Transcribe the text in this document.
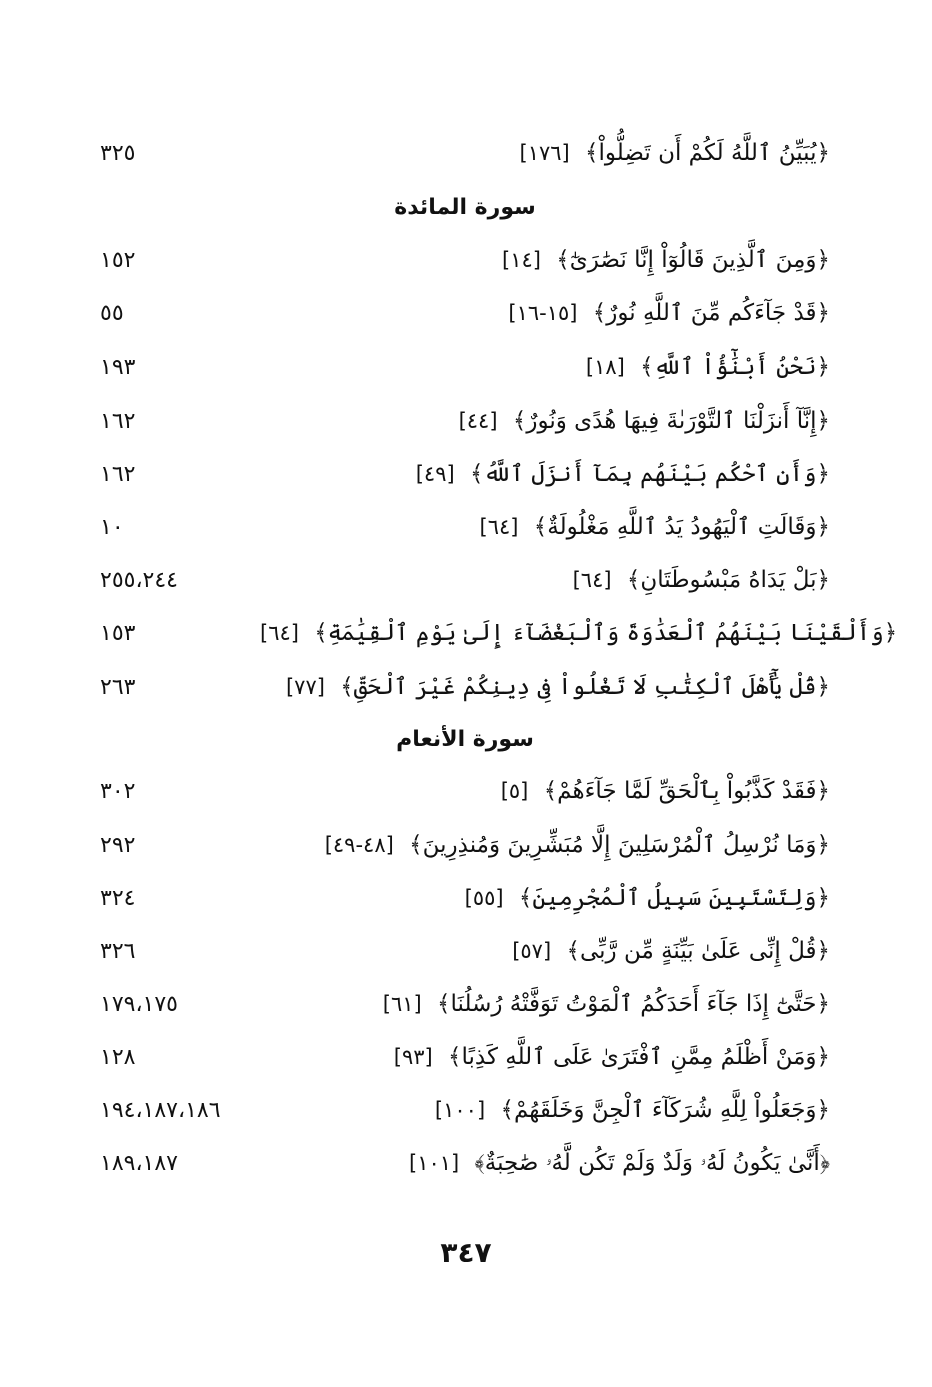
٣٢٥	﴿يُبَيِّنُ ٱللَّهُ لَكُمْ أَن تَضِلُّواْ﴾ [١٧٦]
سورة المائدة
١٥٢	﴿وَمِنَ ٱلَّذِينَ قَالُوٓاْ إِنَّا نَصَٰرَىٰٓ﴾ [١٤]
٥٥	﴿قَدْ جَآءَكُم مِّنَ ٱللَّهِ نُورٌ﴾ [١٥-١٦]
١٩٣	﴿نَحْنُ أَبْنَٰٓؤُاْ ٱللَّهِ﴾ [١٨]
١٦٢	﴿إِنَّآ أَنزَلْنَا ٱلتَّوْرَىٰةَ فِيهَا هُدًى وَنُورٌ﴾ [٤٤]
١٦٢	﴿وَأَنِ ٱحْكُم بَيْنَهُم بِمَآ أَنزَلَ ٱللَّهُ﴾ [٤٩]
١٠	﴿وَقَالَتِ ٱلْيَهُودُ يَدُ ٱللَّهِ مَغْلُولَةٌ﴾ [٦٤]
٢٥٥،٢٤٤	﴿بَلْ يَدَاهُ مَبْسُوطَتَانِ﴾ [٦٤]
١٥٣	﴿وَأَلْقَيْنَا بَيْنَهُمُ ٱلْعَدَٰوَةَ وَٱلْبَغْضَآءَ إِلَىٰ يَوْمِ ٱلْقِيَٰمَةِ﴾ [٦٤]
٢٦٣	﴿قُلْ يَٰٓأَهْلَ ٱلْكِتَٰبِ لَا تَغْلُواْ فِى دِينِكُمْ غَيْرَ ٱلْحَقِّ﴾ [٧٧]
سورة الأنعام
٣٠٢	﴿فَقَدْ كَذَّبُواْ بِٱلْحَقِّ لَمَّا جَآءَهُمْ﴾ [٥]
٢٩٢	﴿وَمَا نُرْسِلُ ٱلْمُرْسَلِينَ إِلَّا مُبَشِّرِينَ وَمُنذِرِينَ﴾ [٤٨-٤٩]
٣٢٤	﴿وَلِتَسْتَبِينَ سَبِيلُ ٱلْمُجْرِمِينَ﴾ [٥٥]
٣٢٦	﴿قُلْ إِنِّى عَلَىٰ بَيِّنَةٍ مِّن رَّبِّى﴾ [٥٧]
١٧٩،١٧٥	﴿حَتَّىٰٓ إِذَا جَآءَ أَحَدَكُمُ ٱلْمَوْتُ تَوَفَّتْهُ رُسُلُنَا﴾ [٦١]
١٢٨	﴿وَمَنْ أَظْلَمُ مِمَّنِ ٱفْتَرَىٰ عَلَى ٱللَّهِ كَذِبًا﴾ [٩٣]
١٩٤،١٨٧،١٨٦	﴿وَجَعَلُواْ لِلَّهِ شُرَكَآءَ ٱلْجِنَّ وَخَلَقَهُمْ﴾ [١٠٠]
١٨٩،١٨٧	﴿أَنَّىٰ يَكُونُ لَهُۥ وَلَدٌ وَلَمْ تَكُن لَّهُۥ صَٰحِبَةٌ﴾ [١٠١]
٣٤٧
